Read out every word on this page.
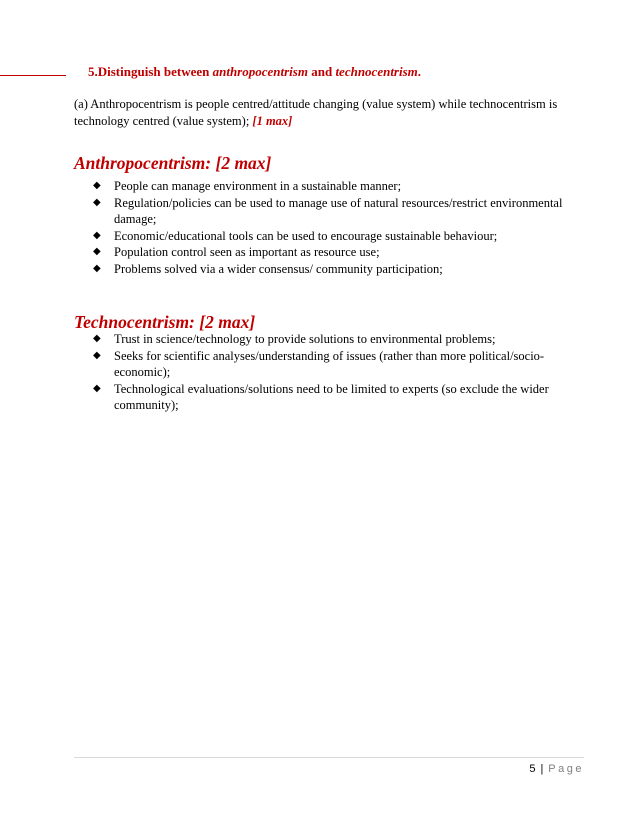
5.Distinguish between anthropocentrism and technocentrism.
(a) Anthropocentrism is people centred/attitude changing (value system) while technocentrism is technology centred (value system); [1 max]
Anthropocentrism: [2 max]
◆ People can manage environment in a sustainable manner;
◆ Regulation/policies can be used to manage use of natural resources/restrict environmental damage;
◆ Economic/educational tools can be used to encourage sustainable behaviour;
◆ Population control seen as important as resource use;
◆ Problems solved via a wider consensus/ community participation;
Technocentrism: [2 max]
◆ Trust in science/technology to provide solutions to environmental problems;
◆ Seeks for scientific analyses/understanding of issues (rather than more political/socio-economic);
◆ Technological evaluations/solutions need to be limited to experts (so exclude the wider community);
5 | Page
